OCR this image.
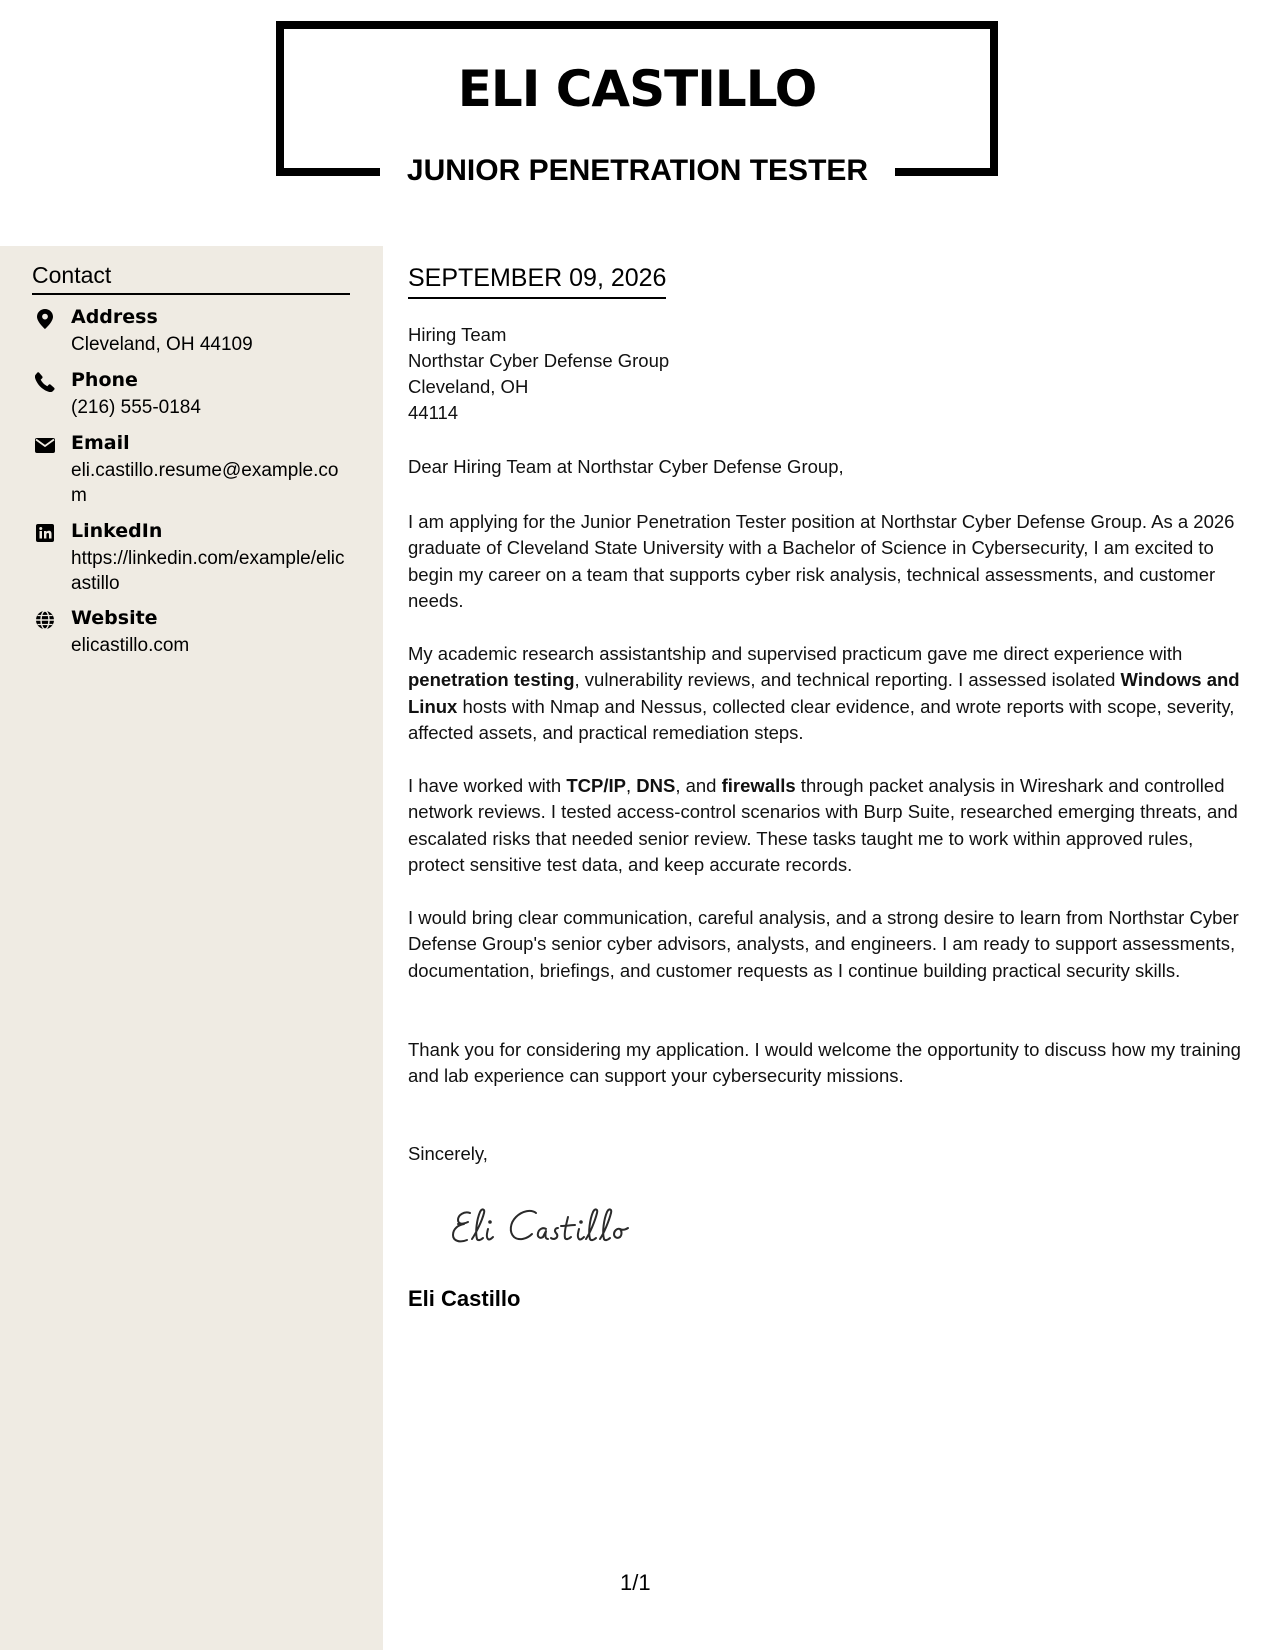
ELI CASTILLO
JUNIOR PENETRATION TESTER
Contact
Address
Cleveland, OH 44109
Phone
(216) 555-0184
Email
eli.castillo.resume@example.com
LinkedIn
https://linkedin.com/example/elicastillo
Website
elicastillo.com
SEPTEMBER 09, 2026
Hiring Team
Northstar Cyber Defense Group
Cleveland, OH
44114
Dear Hiring Team at Northstar Cyber Defense Group,

I am applying for the Junior Penetration Tester position at Northstar Cyber Defense Group. As a 2026 graduate of Cleveland State University with a Bachelor of Science in Cybersecurity, I am excited to begin my career on a team that supports cyber risk analysis, technical assessments, and customer needs.

My academic research assistantship and supervised practicum gave me direct experience with penetration testing, vulnerability reviews, and technical reporting. I assessed isolated Windows and Linux hosts with Nmap and Nessus, collected clear evidence, and wrote reports with scope, severity, affected assets, and practical remediation steps.

I have worked with TCP/IP, DNS, and firewalls through packet analysis in Wireshark and controlled network reviews. I tested access-control scenarios with Burp Suite, researched emerging threats, and escalated risks that needed senior review. These tasks taught me to work within approved rules, protect sensitive test data, and keep accurate records.

I would bring clear communication, careful analysis, and a strong desire to learn from Northstar Cyber Defense Group's senior cyber advisors, analysts, and engineers. I am ready to support assessments, documentation, briefings, and customer requests as I continue building practical security skills.

Thank you for considering my application. I would welcome the opportunity to discuss how my training and lab experience can support your cybersecurity missions.

Sincerely,
Eli Castillo
1/1
